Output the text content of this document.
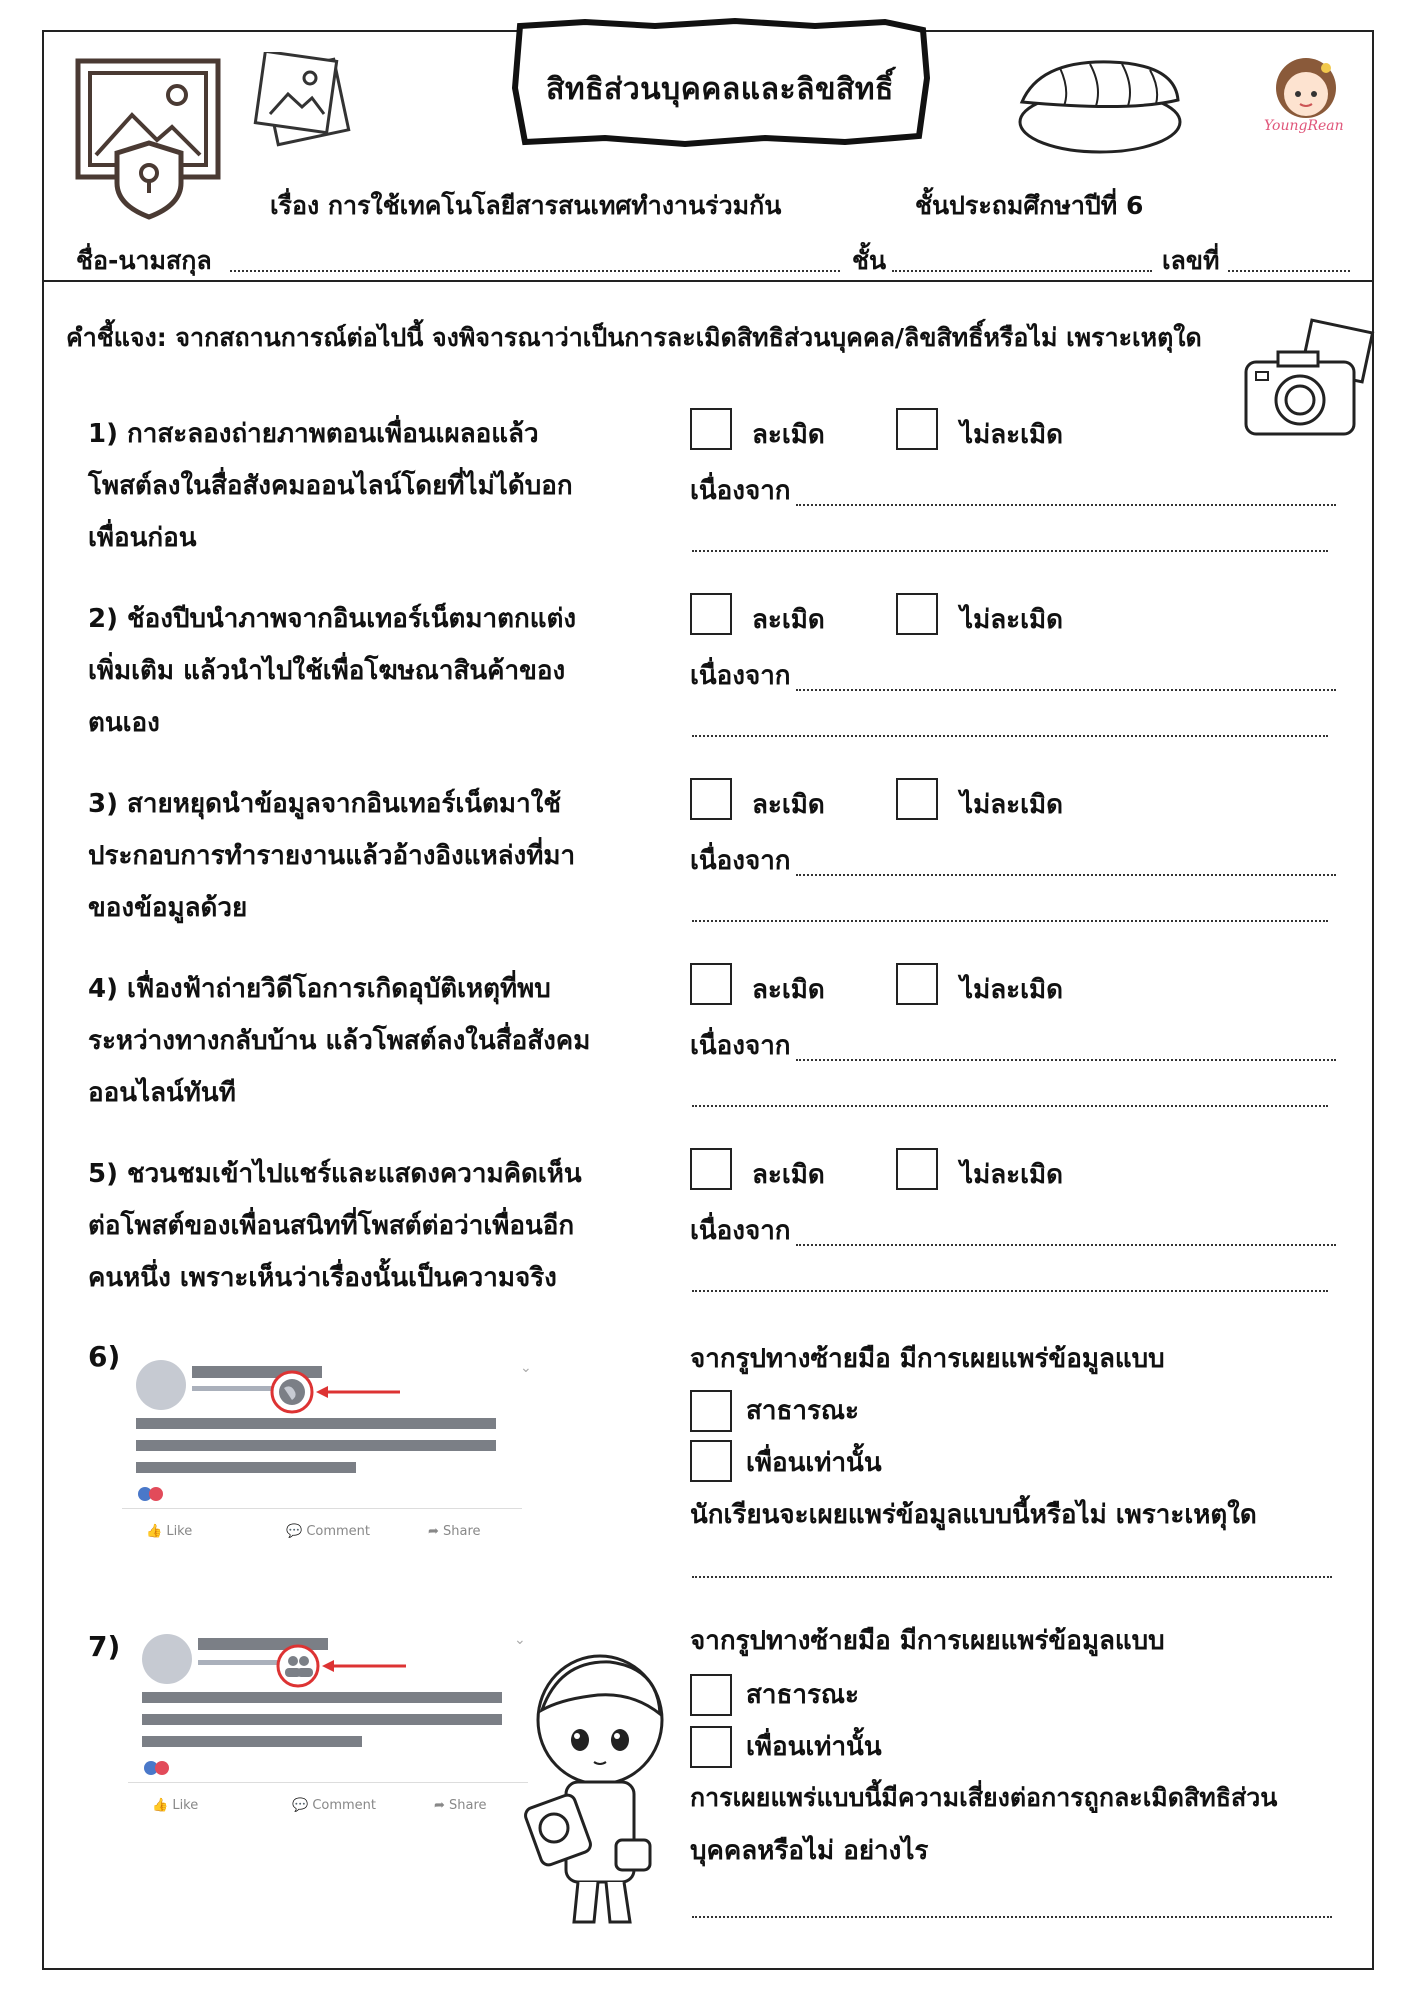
สิทธิส่วนบุคคลและลิขสิทธิ์
YoungRean
เรื่อง การใช้เทคโนโลยีสารสนเทศทำงานร่วมกัน	ชั้นประถมศึกษาปีที่ 6
ชื่อ-นามสกุล	ชั้น	เลขที่
คำชี้แจง: จากสถานการณ์ต่อไปนี้ จงพิจารณาว่าเป็นการละเมิดสิทธิส่วนบุคคล/ลิขสิทธิ์หรือไม่ เพราะเหตุใด
1) กาสะลองถ่ายภาพตอนเพื่อนเผลอแล้ว
โพสต์ลงในสื่อสังคมออนไลน์โดยที่ไม่ได้บอก
เพื่อนก่อน
ละเมิด	ไม่ละเมิด
เนื่องจาก
2) ช้องปีบนำภาพจากอินเทอร์เน็ตมาตกแต่ง
เพิ่มเติม แล้วนำไปใช้เพื่อโฆษณาสินค้าของ
ตนเอง
ละเมิด	ไม่ละเมิด
เนื่องจาก
3) สายหยุดนำข้อมูลจากอินเทอร์เน็ตมาใช้
ประกอบการทำรายงานแล้วอ้างอิงแหล่งที่มา
ของข้อมูลด้วย
ละเมิด	ไม่ละเมิด
เนื่องจาก
4) เฟื่องฟ้าถ่ายวิดีโอการเกิดอุบัติเหตุที่พบ
ระหว่างทางกลับบ้าน แล้วโพสต์ลงในสื่อสังคม
ออนไลน์ทันที
ละเมิด	ไม่ละเมิด
เนื่องจาก
5) ชวนชมเข้าไปแชร์และแสดงความคิดเห็น
ต่อโพสต์ของเพื่อนสนิทที่โพสต์ต่อว่าเพื่อนอีก
คนหนึ่ง เพราะเห็นว่าเรื่องนั้นเป็นความจริง
ละเมิด	ไม่ละเมิด
เนื่องจาก
6)	⌄
👍 Like	💬 Comment	➦ Share
จากรูปทางซ้ายมือ มีการเผยแพร่ข้อมูลแบบ
สาธารณะ
เพื่อนเท่านั้น
นักเรียนจะเผยแพร่ข้อมูลแบบนี้หรือไม่ เพราะเหตุใด
7)	⌄
👍 Like	💬 Comment	➦ Share
จากรูปทางซ้ายมือ มีการเผยแพร่ข้อมูลแบบ
สาธารณะ
เพื่อนเท่านั้น
การเผยแพร่แบบนี้มีความเสี่ยงต่อการถูกละเมิดสิทธิส่วน
บุคคลหรือไม่ อย่างไร
